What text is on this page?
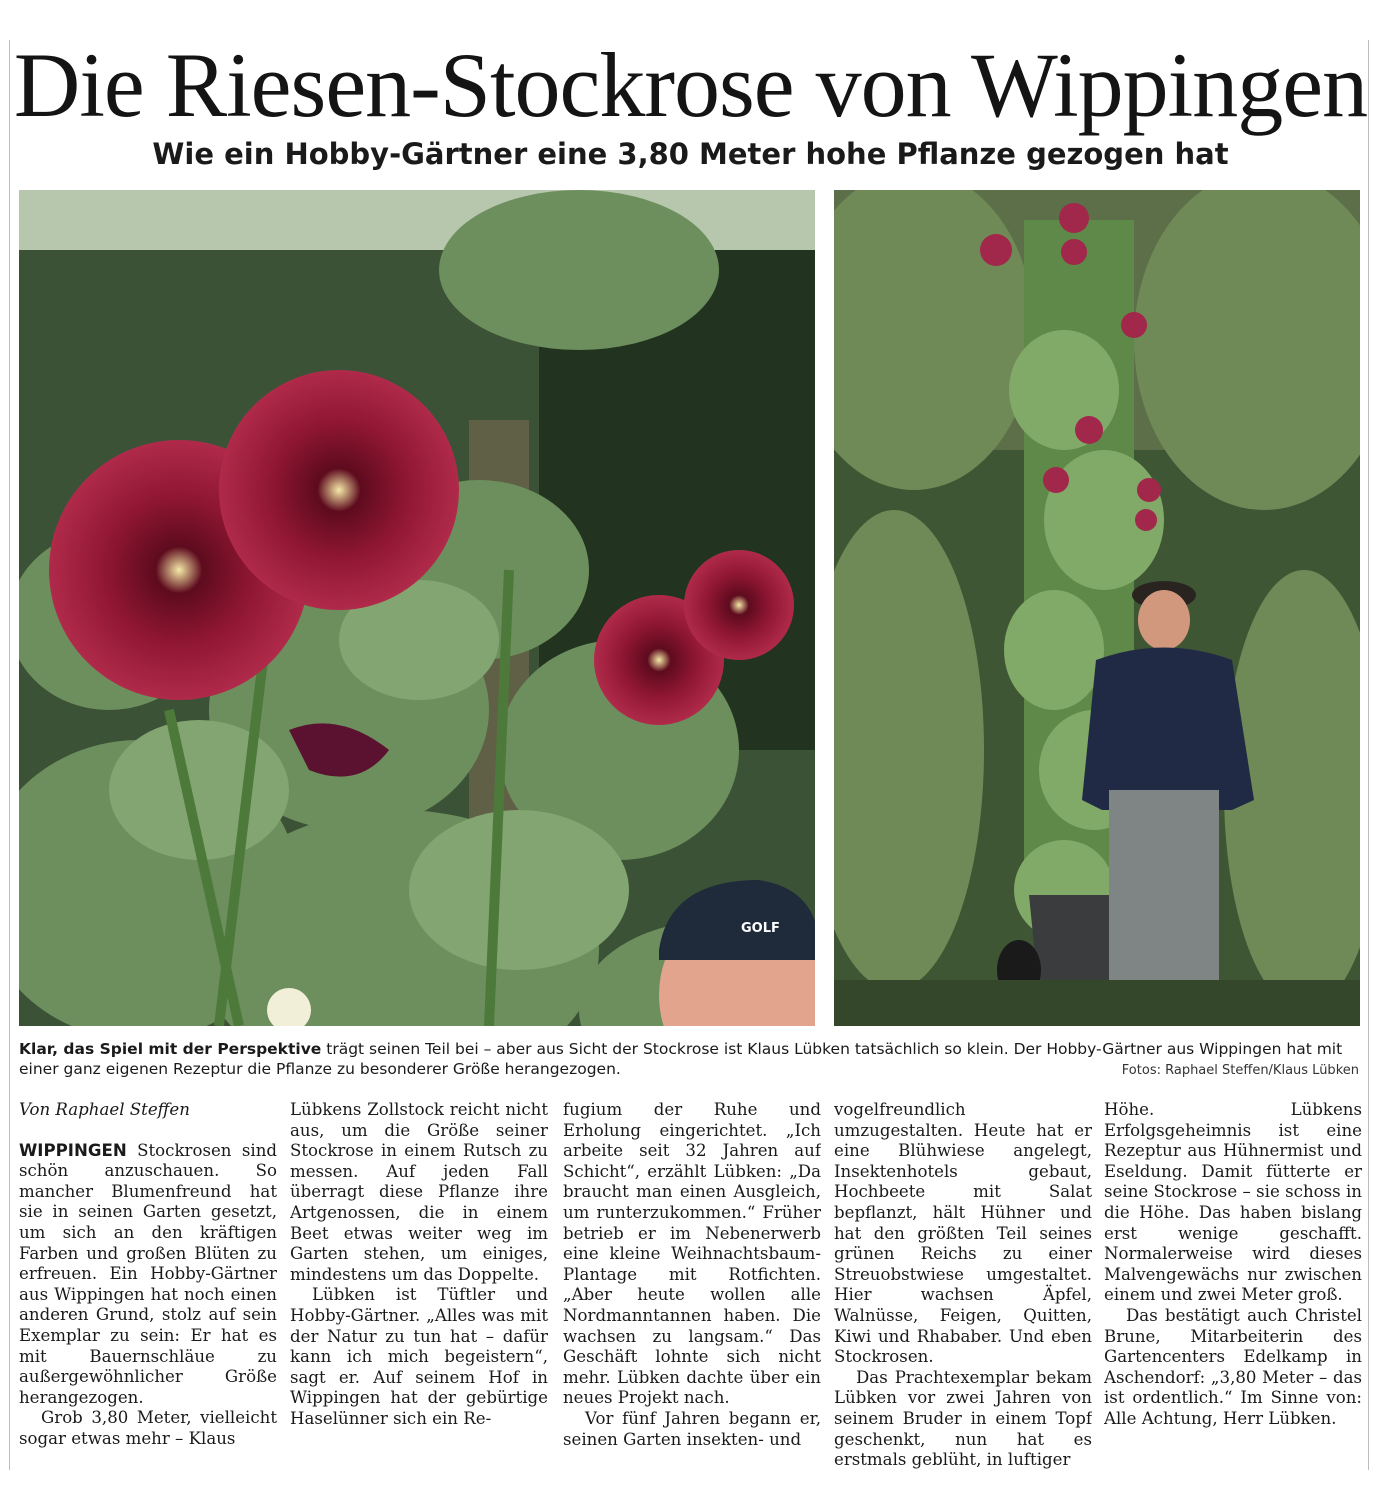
Die Riesen-Stockrose von Wippingen
Wie ein Hobby-Gärtner eine 3,80 Meter hohe Pflanze gezogen hat
GOLF

Klar, das Spiel mit der Perspektive trägt seinen Teil bei – aber aus Sicht der Stockrose ist Klaus Lübken tatsächlich so klein. Der Hobby-Gärtner aus Wippingen hat mit einer ganz eigenen Rezeptur die Pflanze zu besonderer Größe herangezogen.	Fotos: Raphael Steffen/Klaus Lübken

Von Raphael Steffen

WIPPINGEN Stockrosen sind schön anzuschauen. So mancher Blumenfreund hat sie in seinen Garten gesetzt, um sich an den kräftigen Farben und großen Blüten zu erfreuen. Ein Hobby-Gärtner aus Wippingen hat noch einen anderen Grund, stolz auf sein Exemplar zu sein: Er hat es mit Bauernschläue zu außergewöhnlicher Größe herangezogen.

Grob 3,80 Meter, vielleicht sogar etwas mehr – Klaus

Lübkens Zollstock reicht nicht aus, um die Größe seiner Stockrose in einem Rutsch zu messen. Auf jeden Fall überragt diese Pflanze ihre Artgenossen, die in einem Beet etwas weiter weg im Garten stehen, um einiges, mindestens um das Doppelte.

Lübken ist Tüftler und Hobby-Gärtner. „Alles was mit der Natur zu tun hat – dafür kann ich mich begeistern“, sagt er. Auf seinem Hof in Wippingen hat der gebürtige Haselünner sich ein Re-

fugium der Ruhe und Erholung eingerichtet. „Ich arbeite seit 32 Jahren auf Schicht“, erzählt Lübken: „Da braucht man einen Ausgleich, um runterzukommen.“ Früher betrieb er im Nebenerwerb eine kleine Weihnachtsbaum-Plantage mit Rotfichten. „Aber heute wollen alle Nordmanntannen haben. Die wachsen zu langsam.“ Das Geschäft lohnte sich nicht mehr. Lübken dachte über ein neues Projekt nach.

Vor fünf Jahren begann er, seinen Garten insekten- und

vogelfreundlich umzugestalten. Heute hat er eine Blühwiese angelegt, Insektenhotels gebaut, Hochbeete mit Salat bepflanzt, hält Hühner und hat den größten Teil seines grünen Reichs zu einer Streuobstwiese umgestaltet. Hier wachsen Äpfel, Walnüsse, Feigen, Quitten, Kiwi und Rhababer. Und eben Stockrosen.

Das Prachtexemplar bekam Lübken vor zwei Jahren von seinem Bruder in einem Topf geschenkt, nun hat es erstmals geblüht, in luftiger

Höhe. Lübkens Erfolgsgeheimnis ist eine Rezeptur aus Hühnermist und Eseldung. Damit fütterte er seine Stockrose – sie schoss in die Höhe. Das haben bislang erst wenige geschafft. Normalerweise wird dieses Malvengewächs nur zwischen einem und zwei Meter groß.

Das bestätigt auch Christel Brune, Mitarbeiterin des Gartencenters Edelkamp in Aschendorf: „3,80 Meter – das ist ordentlich.“ Im Sinne von: Alle Achtung, Herr Lübken.
